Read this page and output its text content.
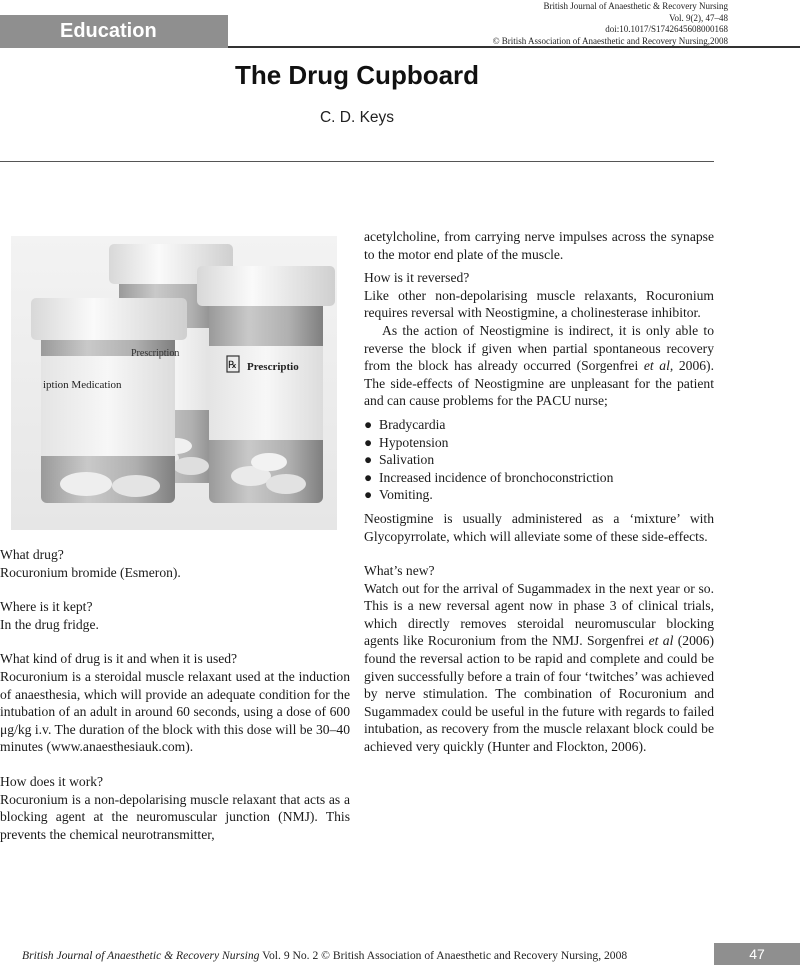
Education
British Journal of Anaesthetic & Recovery Nursing
Vol. 9(2), 47–48
doi:10.1017/S1742645608000168
© British Association of Anaesthetic and Recovery Nursing,2008
The Drug Cupboard
C. D. Keys
iption Medication
Prescription
℞ Prescriptio

What drug?

Rocuronium bromide (Esmeron).

Where is it kept?

In the drug fridge.

What kind of drug is it and when it is used?

Rocuronium is a steroidal muscle relaxant used at the induction of anaesthesia, which will provide an adequate condition for the intubation of an adult in around 60 seconds, using a dose of 600 μg/kg i.v. The duration of the block with this dose will be 30–40 minutes (www.anaesthesiauk.com).

How does it work?

Rocuronium is a non-depolarising muscle relaxant that acts as a blocking agent at the neuromuscular junction (NMJ). This prevents the chemical neurotransmitter,

acetylcholine, from carrying nerve impulses across the synapse to the motor end plate of the muscle.

How is it reversed?

Like other non-depolarising muscle relaxants, Rocuronium requires reversal with Neostigmine, a cholinesterase inhibitor.

As the action of Neostigmine is indirect, it is only able to reverse the block if given when partial spontaneous recovery from the block has already occurred (Sorgenfrei et al, 2006). The side-effects of Neostigmine are unpleasant for the patient and can cause problems for the PACU nurse;

● Bradycardia
● Hypotension
● Salivation
● Increased incidence of bronchoconstriction
● Vomiting.

Neostigmine is usually administered as a ‘mixture’ with Glycopyrrolate, which will alleviate some of these side-effects.

What’s new?

Watch out for the arrival of Sugammadex in the next year or so. This is a new reversal agent now in phase 3 of clinical trials, which directly removes steroidal neuromuscular blocking agents like Rocuronium from the NMJ. Sorgenfrei et al (2006) found the reversal action to be rapid and complete and could be given successfully before a train of four ‘twitches’ was achieved by nerve stimulation. The combination of Rocuronium and Sugammadex could be useful in the future with regards to failed intubation, as recovery from the muscle relaxant block could be achieved very quickly (Hunter and Flockton, 2006).

British Journal of Anaesthetic & Recovery Nursing Vol. 9 No. 2 © British Association of Anaesthetic and Recovery Nursing, 2008	47
